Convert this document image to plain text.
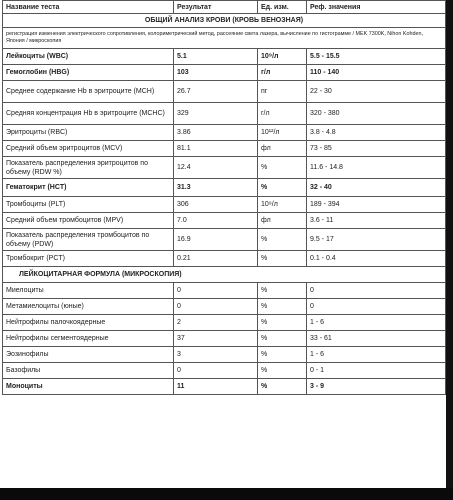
Название теста	Результат	Ед. изм.	Реф. значения
ОБЩИЙ АНАЛИЗ КРОВИ (КРОВЬ ВЕНОЗНАЯ)			
регистрация изменения электрического сопротивления, колориметрический метод, рассеяние света лазера, вычисление по гистограмме / MEK 7300K, Nihon Kohden, Япония / микроскопия			
Лейкоциты (WBC)	5.1	10⁹/л	5.5 - 15.5
Гемоглобин (HBG)	103	г/л	110 - 140
Среднее содержание Hb в эритроците (MCH)	26.7	пг	22 - 30
Средняя концентрация Hb в эритроците (MCHC)	329	г/л	320 - 380
Эритроциты (RBC)	3.86	10¹²/л	3.8 - 4.8
Средний объем эритроцитов (MCV)	81.1	фл	73 - 85
Показатель распределения эритроцитов по объему (RDW %)	12.4	%	11.6 - 14.8
Гематокрит (HCT)	31.3	%	32 - 40
Тромбоциты (PLT)	306	10⁹/л	189 - 394
Средний объем тромбоцитов (MPV)	7.0	фл	3.6 - 11
Показатель распределения тромбоцитов по объему (PDW)	16.9	%	9.5 - 17
Тромбокрит (PCT)	0.21	%	0.1 - 0.4
ЛЕЙКОЦИТАРНАЯ ФОРМУЛА (МИКРОСКОПИЯ)			
Миелоциты	0	%	0
Метамиелоциты (юные)	0	%	0
Нейтрофилы палочкоядерные	2	%	1 - 6
Нейтрофилы сегментоядерные	37	%	33 - 61
Эозинофилы	3	%	1 - 6
Базофилы	0	%	0 - 1
Моноциты	11	%	3 - 9
